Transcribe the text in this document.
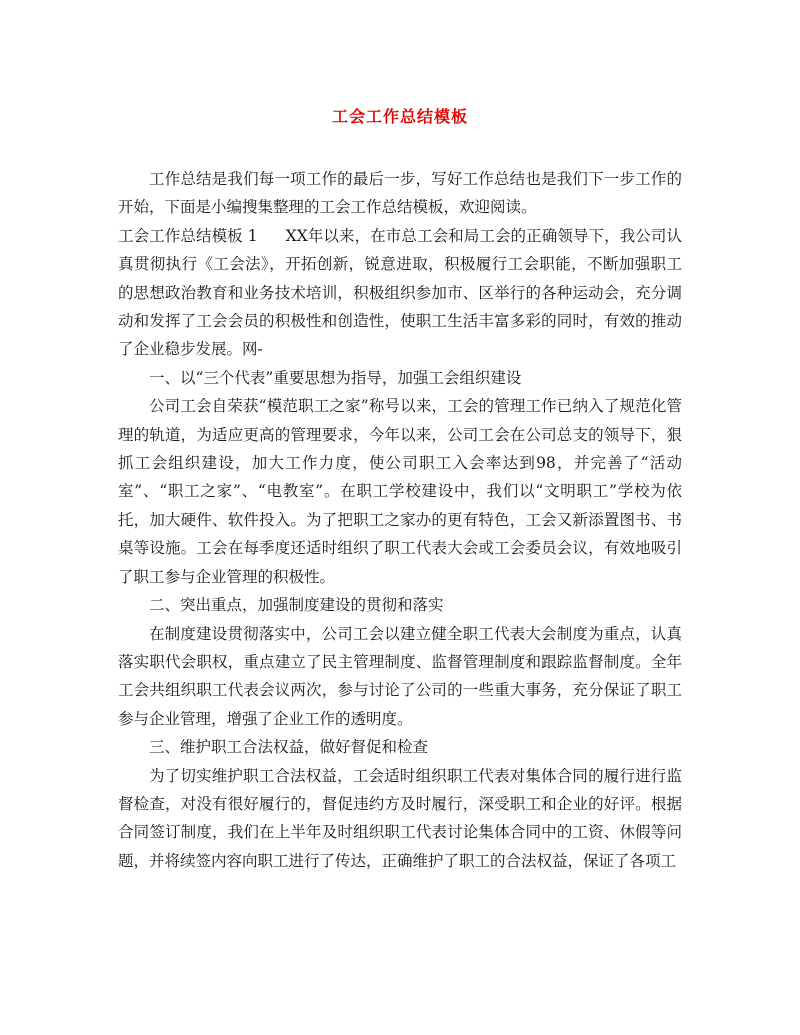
工会工作总结模板

工作总结是我们每一项工作的最后一步，写好工作总结也是我们下一步工作的开始，下面是小编搜集整理的工会工作总结模板，欢迎阅读。

工会工作总结模板 1 XX年以来，在市总工会和局工会的正确领导下，我公司认真贯彻执行《工会法》，开拓创新，锐意进取，积极履行工会职能，不断加强职工的思想政治教育和业务技术培训，积极组织参加市、区举行的各种运动会，充分调动和发挥了工会会员的积极性和创造性，使职工生活丰富多彩的同时，有效的推动了企业稳步发展。网-

一、以“三个代表”重要思想为指导，加强工会组织建设

公司工会自荣获“模范职工之家”称号以来，工会的管理工作已纳入了规范化管理的轨道，为适应更高的管理要求，今年以来，公司工会在公司总支的领导下，狠抓工会组织建设，加大工作力度，使公司职工入会率达到98，并完善了“活动室”、“职工之家”、“电教室”。在职工学校建设中，我们以“文明职工”学校为依托，加大硬件、软件投入。为了把职工之家办的更有特色，工会又新添置图书、书桌等设施。工会在每季度还适时组织了职工代表大会或工会委员会议，有效地吸引了职工参与企业管理的积极性。

二、突出重点，加强制度建设的贯彻和落实

在制度建设贯彻落实中，公司工会以建立健全职工代表大会制度为重点，认真落实职代会职权，重点建立了民主管理制度、监督管理制度和跟踪监督制度。全年工会共组织职工代表会议两次，参与讨论了公司的一些重大事务，充分保证了职工参与企业管理，增强了企业工作的透明度。

三、维护职工合法权益，做好督促和检查

为了切实维护职工合法权益，工会适时组织职工代表对集体合同的履行进行监督检查，对没有很好履行的，督促违约方及时履行，深受职工和企业的好评。根据合同签订制度，我们在上半年及时组织职工代表讨论集体合同中的工资、休假等问题，并将续签内容向职工进行了传达，正确维护了职工的合法权益，保证了各项工
